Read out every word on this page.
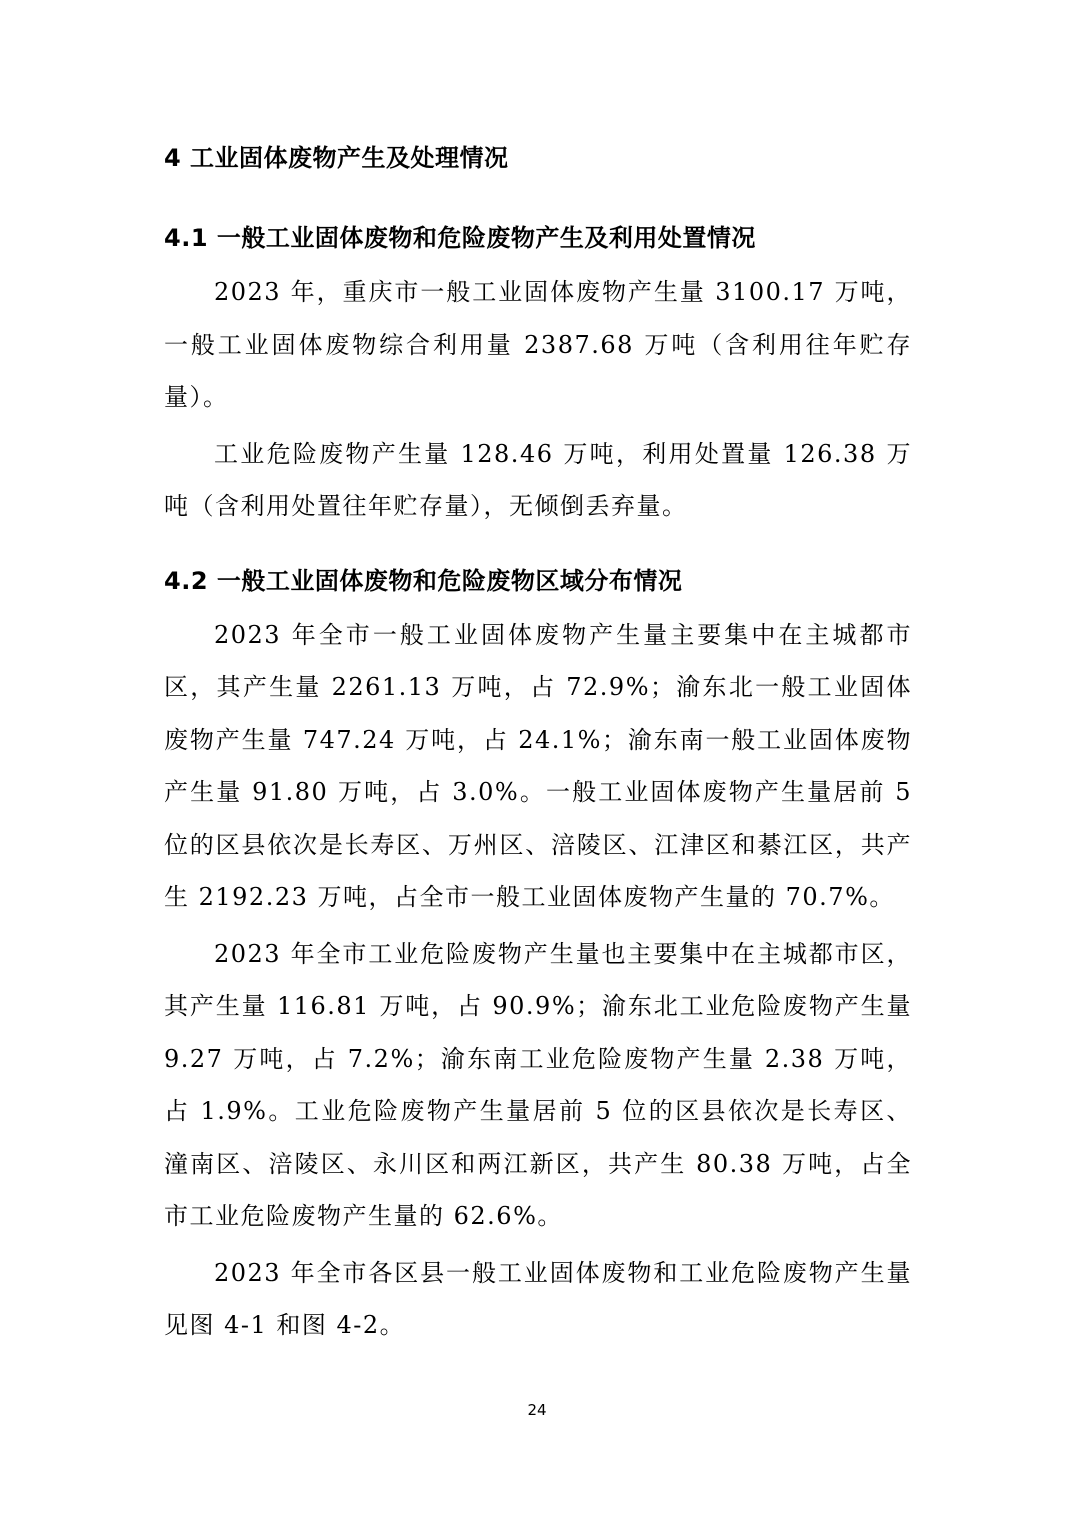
4 工业固体废物产生及处理情况
4.1 一般工业固体废物和危险废物产生及利用处置情况

2023 年，重庆市一般工业固体废物产生量 3100.17 万吨，一般工业固体废物综合利用量 2387.68 万吨（含利用往年贮存量）。

工业危险废物产生量 128.46 万吨，利用处置量 126.38 万吨（含利用处置往年贮存量），无倾倒丢弃量。

4.2 一般工业固体废物和危险废物区域分布情况

2023 年全市一般工业固体废物产生量主要集中在主城都市区，其产生量 2261.13 万吨，占 72.9%；渝东北一般工业固体废物产生量 747.24 万吨，占 24.1%；渝东南一般工业固体废物产生量 91.80 万吨，占 3.0%。一般工业固体废物产生量居前 5 位的区县依次是长寿区、万州区、涪陵区、江津区和綦江区，共产生 2192.23 万吨，占全市一般工业固体废物产生量的 70.7%。

2023 年全市工业危险废物产生量也主要集中在主城都市区，其产生量 116.81 万吨，占 90.9%；渝东北工业危险废物产生量 9.27 万吨，占 7.2%；渝东南工业危险废物产生量 2.38 万吨，占 1.9%。工业危险废物产生量居前 5 位的区县依次是长寿区、潼南区、涪陵区、永川区和两江新区，共产生 80.38 万吨，占全市工业危险废物产生量的 62.6%。

2023 年全市各区县一般工业固体废物和工业危险废物产生量见图 4-1 和图 4-2。

24
